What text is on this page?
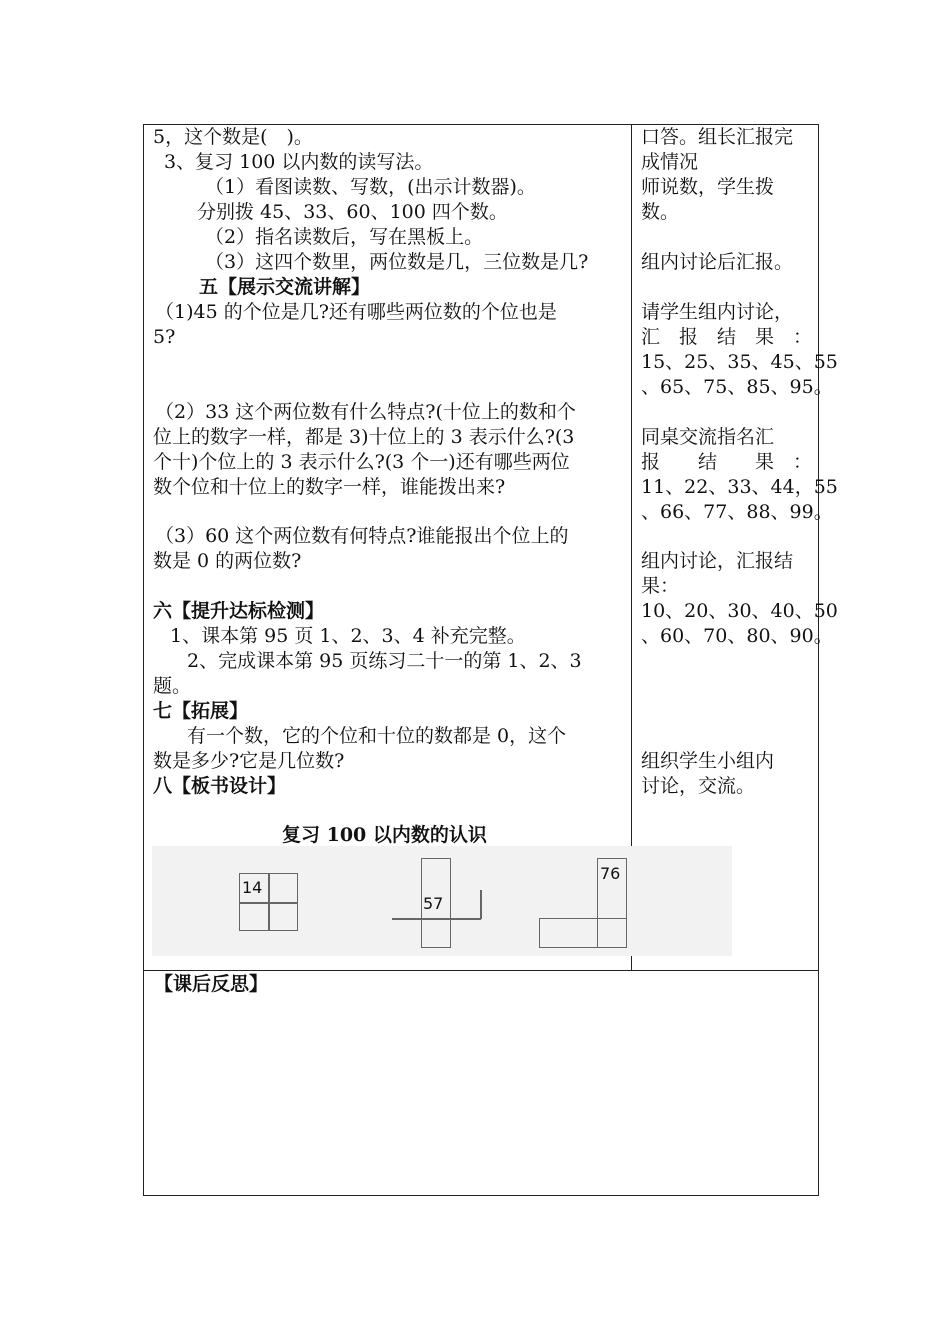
5，这个数是(　)。
3、复习 100 以内数的读写法。
（1）看图读数、写数，(出示计数器)。
分别拨 45、33、60、100 四个数。
（2）指名读数后，写在黑板上。
（3）这四个数里，两位数是几，三位数是几?
五【展示交流讲解】
（1)45 的个位是几?还有哪些两位数的个位也是
5?
（2）33 这个两位数有什么特点?(十位上的数和个
位上的数字一样，都是 3)十位上的 3 表示什么?(3
个十)个位上的 3 表示什么?(3 个一)还有哪些两位
数个位和十位上的数字一样，谁能拨出来?
（3）60 这个两位数有何特点?谁能报出个位上的
数是 0 的两位数?
六【提升达标检测】
1、课本第 95 页 1、2、3、4 补充完整。
2、完成课本第 95 页练习二十一的第 1、2、3
题。
七【拓展】
有一个数，它的个位和十位的数都是 0，这个
数是多少?它是几位数?
八【板书设计】
复习 100 以内数的认识
14
57
76
口答。组长汇报完
成情况
师说数，学生拨
数。
组内讨论后汇报。
请学生组内讨论，
汇　报　结　果　：
15、25、35、45、55
、65、75、85、95。
同桌交流指名汇
报　　结　　果　：
11、22、33、44，55
、66、77、88、99。
组内讨论，汇报结
果：
10、20、30、40、50
、60、70、80、90。
组织学生小组内
讨论，交流。
【课后反思】
